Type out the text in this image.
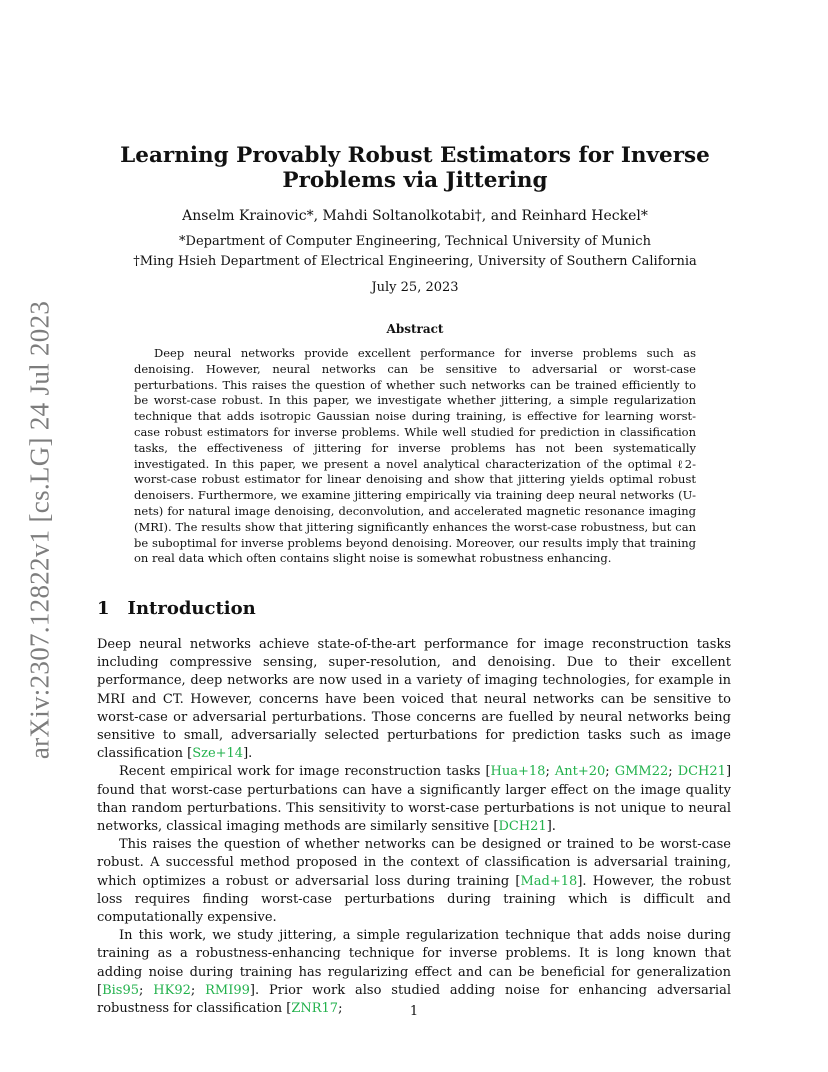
arXiv:2307.12822v1 [cs.LG] 24 Jul 2023
Learning Provably Robust Estimators for Inverse Problems via Jittering
Anselm Krainovic*, Mahdi Soltanolkotabi†, and Reinhard Heckel*
*Department of Computer Engineering, Technical University of Munich
†Ming Hsieh Department of Electrical Engineering, University of Southern California
July 25, 2023
Abstract

Deep neural networks provide excellent performance for inverse problems such as denoising. However, neural networks can be sensitive to adversarial or worst-case perturbations. This raises the question of whether such networks can be trained efficiently to be worst-case robust. In this paper, we investigate whether jittering, a simple regularization technique that adds isotropic Gaussian noise during training, is effective for learning worst-case robust estimators for inverse problems. While well studied for prediction in classification tasks, the effectiveness of jittering for inverse problems has not been systematically investigated. In this paper, we present a novel analytical characterization of the optimal ℓ2-worst-case robust estimator for linear denoising and show that jittering yields optimal robust denoisers. Furthermore, we examine jittering empirically via training deep neural networks (U-nets) for natural image denoising, deconvolution, and accelerated magnetic resonance imaging (MRI). The results show that jittering significantly enhances the worst-case robustness, but can be suboptimal for inverse problems beyond denoising. Moreover, our results imply that training on real data which often contains slight noise is somewhat robustness enhancing.

1 Introduction

Deep neural networks achieve state-of-the-art performance for image reconstruction tasks including compressive sensing, super-resolution, and denoising. Due to their excellent performance, deep networks are now used in a variety of imaging technologies, for example in MRI and CT. However, concerns have been voiced that neural networks can be sensitive to worst-case or adversarial perturbations. Those concerns are fuelled by neural networks being sensitive to small, adversarially selected perturbations for prediction tasks such as image classification [Sze+14].

Recent empirical work for image reconstruction tasks [Hua+18; Ant+20; GMM22; DCH21] found that worst-case perturbations can have a significantly larger effect on the image quality than random perturbations. This sensitivity to worst-case perturbations is not unique to neural networks, classical imaging methods are similarly sensitive [DCH21].

This raises the question of whether networks can be designed or trained to be worst-case robust. A successful method proposed in the context of classification is adversarial training, which optimizes a robust or adversarial loss during training [Mad+18]. However, the robust loss requires finding worst-case perturbations during training which is difficult and computationally expensive.

In this work, we study jittering, a simple regularization technique that adds noise during training as a robustness-enhancing technique for inverse problems. It is long known that adding noise during training has regularizing effect and can be beneficial for generalization [Bis95; HK92; RMI99]. Prior work also studied adding noise for enhancing adversarial robustness for classification [ZNR17;	1
